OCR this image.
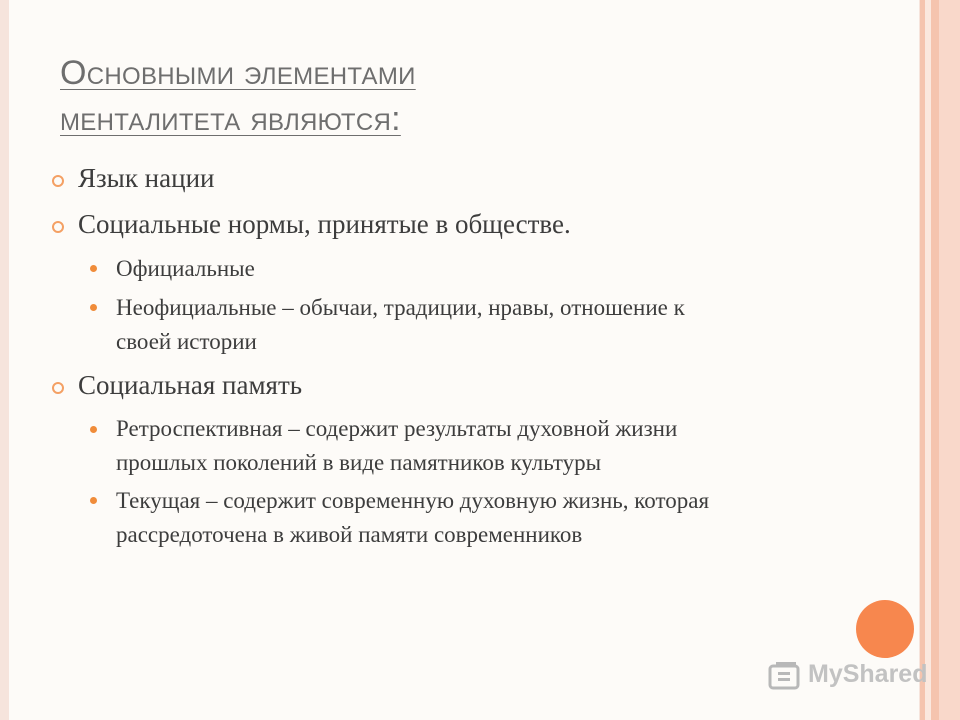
Основными элементами
менталитета являются:
Язык нации
Социальные нормы, принятые в обществе.
Официальные
Неофициальные – обычаи, традиции, нравы, отношение к
своей истории
Социальная память
Ретроспективная – содержит результаты духовной жизни
прошлых поколений в виде памятников культуры
Текущая – содержит современную духовную жизнь, которая
рассредоточена в живой памяти современников
MyShared
